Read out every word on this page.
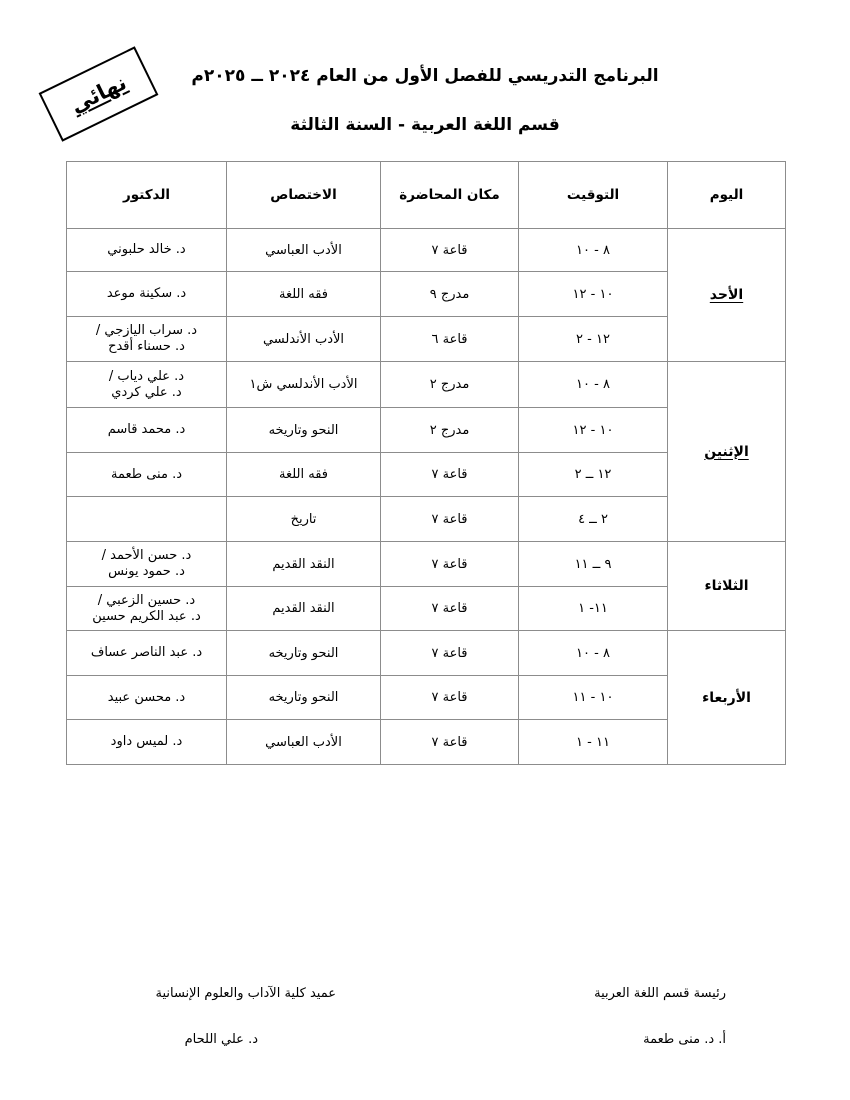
البرنامج التدريسي للفصل الأول من العام ٢٠٢٤ ــ ٢٠٢٥م
قسم اللغة العربية - السنة الثالثة
نهائي
اليوم	التوقيت	مكان المحاضرة	الاختصاص	الدكتور
الأحد	٨ - ١٠	قاعة ٧	الأدب العباسي	د. خالد حلبوني
	١٠ - ١٢	مدرج ٩	فقه اللغة	د. سكينة موعد
	١٢ - ٢	قاعة ٦	الأدب الأندلسي	د. سراب اليازجي /
د. حسناء أقدح
الإثنين	٨ - ١٠	مدرج ٢	الأدب الأندلسي ش١	د. علي دياب /
د. علي كردي
	١٠ - ١٢	مدرج ٢	النحو وتاريخه	د. محمد قاسم
	١٢ ــ ٢	قاعة ٧	فقه اللغة	د. منى طعمة
	٢ ــ ٤	قاعة ٧	تاريخ	
الثلاثاء	٩ ــ ١١	قاعة ٧	النقد القديم	د. حسن الأحمد /
د. حمود يونس
	١١- ١	قاعة ٧	النقد القديم	د. حسين الزعبي /
د. عبد الكريم حسين
الأربعاء	٨ - ١٠	قاعة ٧	النحو وتاريخه	د. عبد الناصر عساف
	١٠ - ١١	قاعة ٧	النحو وتاريخه	د. محسن عبيد
	١١ - ١	قاعة ٧	الأدب العباسي	د. لميس داود
رئيسة قسم اللغة العربية
أ. د. منى طعمة
عميد كلية الآداب والعلوم الإنسانية
د. علي اللحام
